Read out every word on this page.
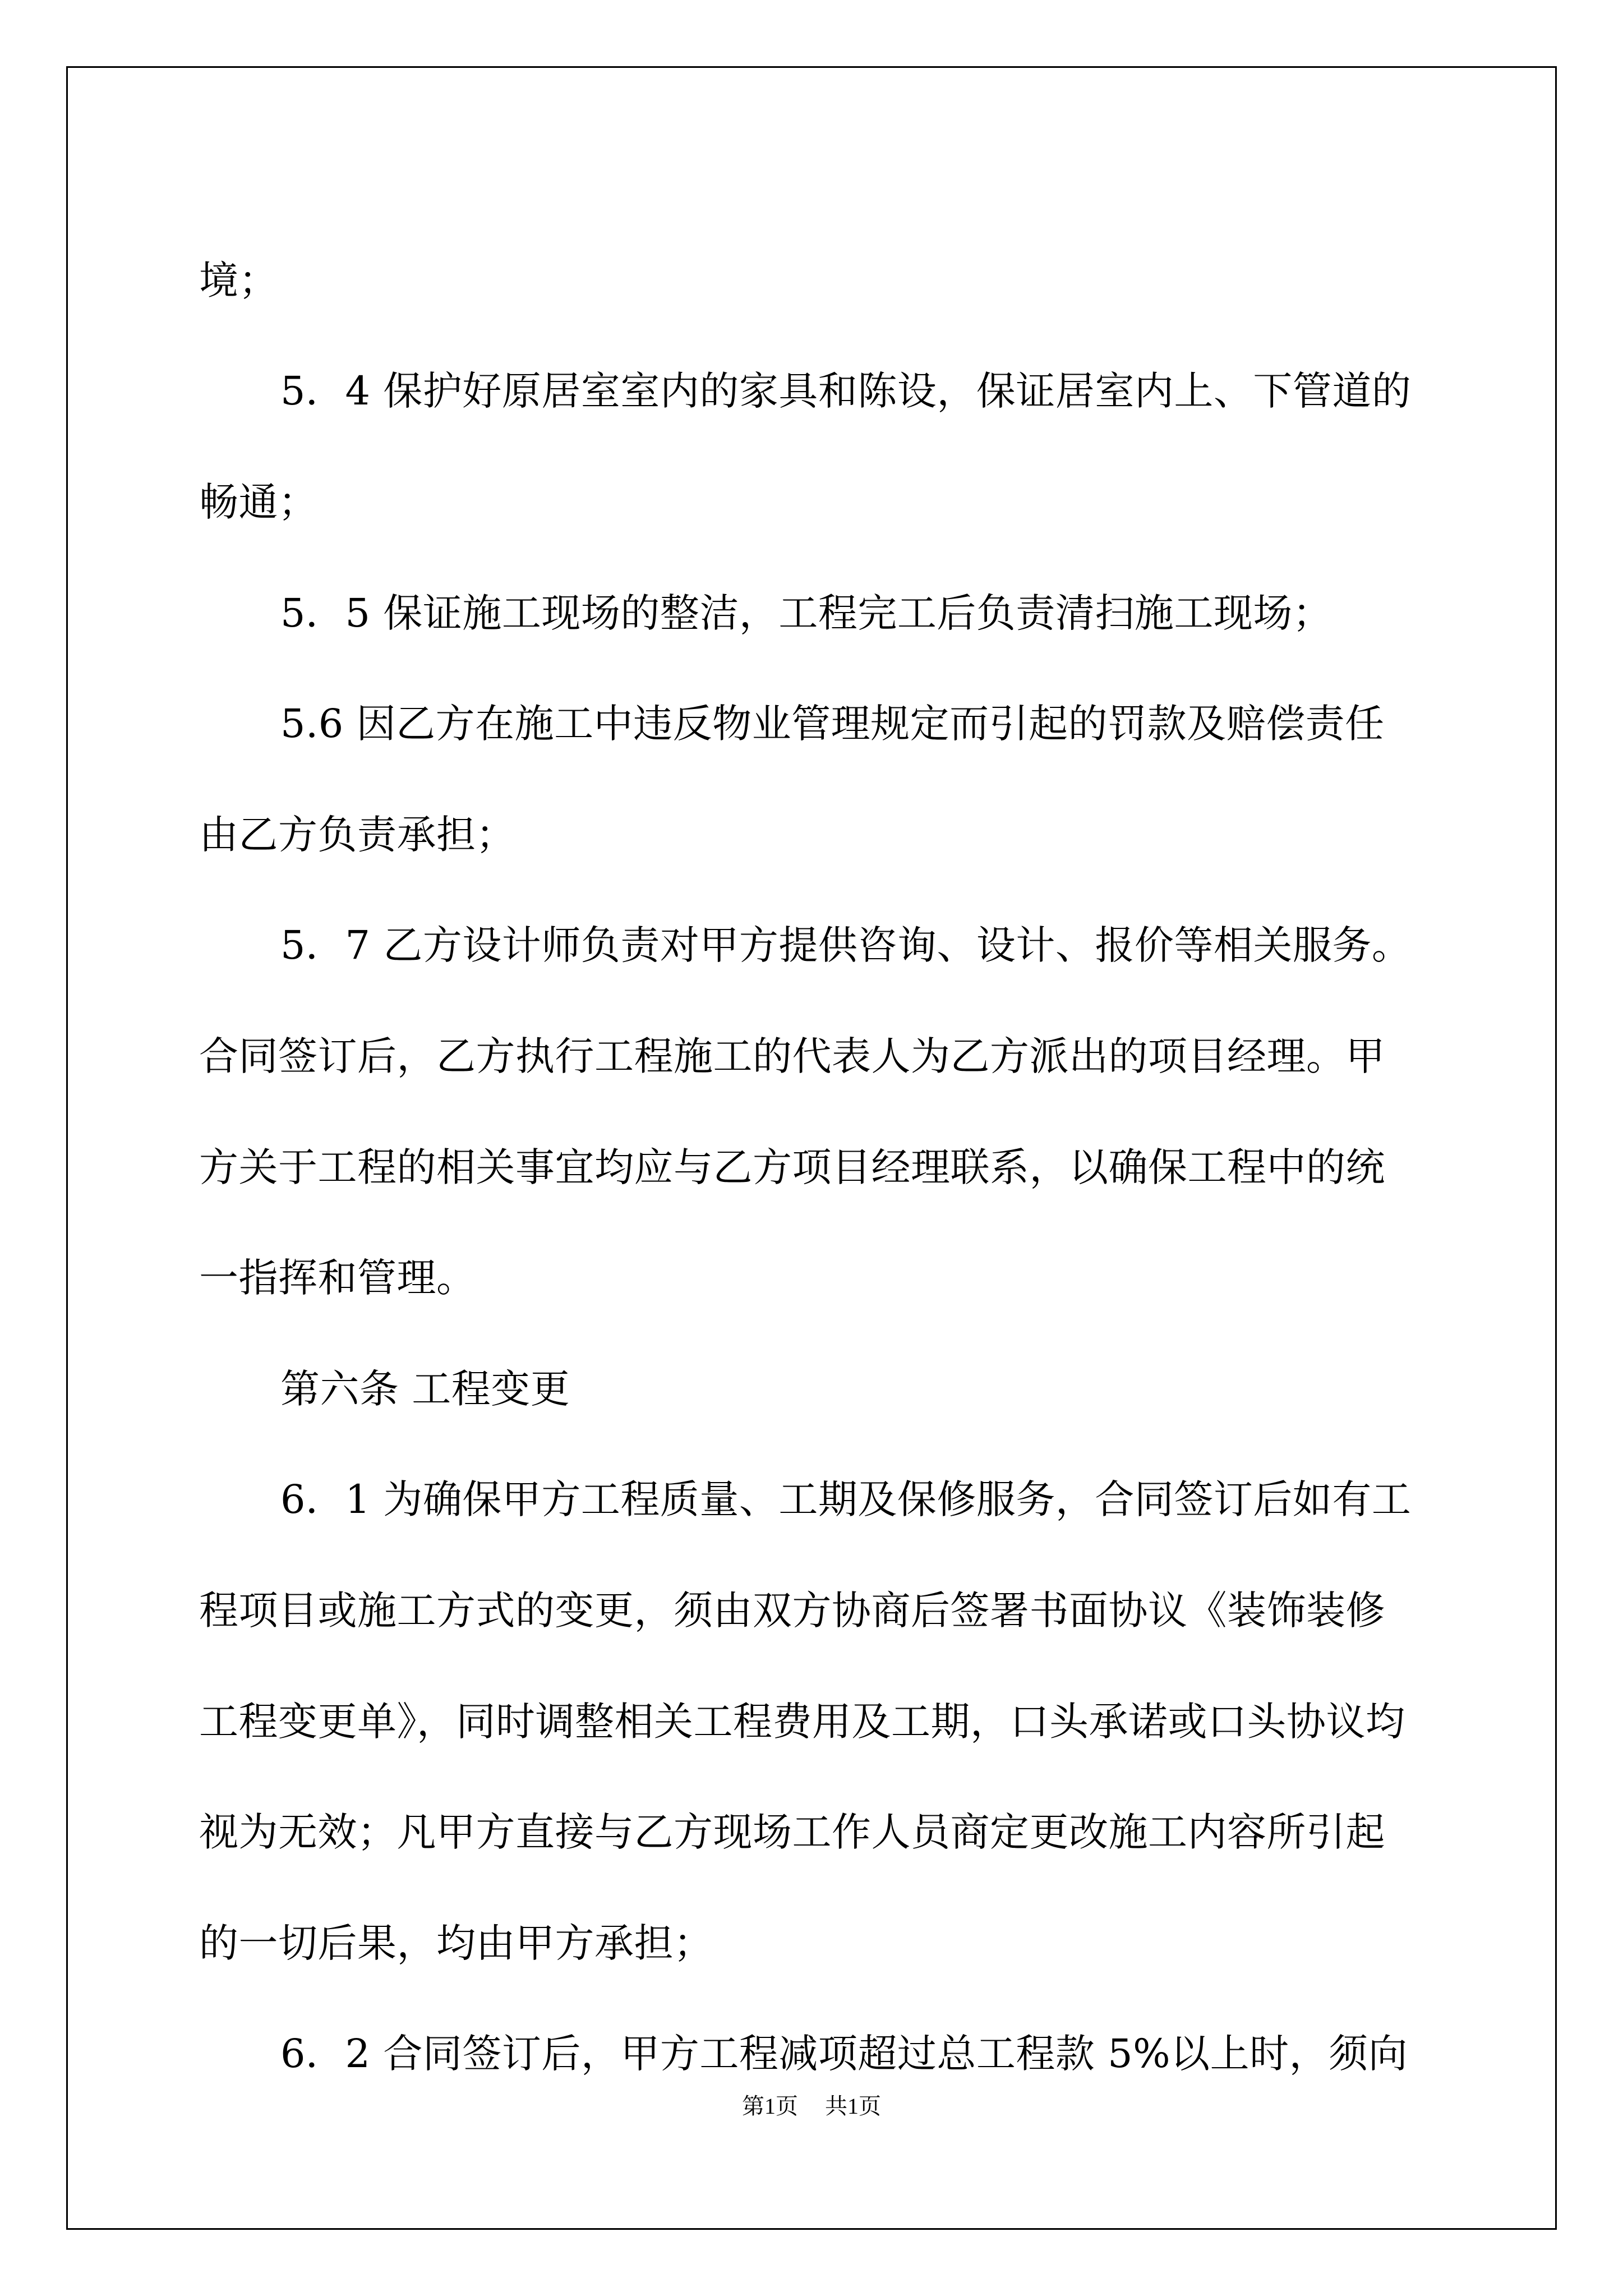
境；

5．4 保护好原居室室内的家具和陈设，保证居室内上、下管道的

畅通；

5．5 保证施工现场的整洁，工程完工后负责清扫施工现场；

5.6 因乙方在施工中违反物业管理规定而引起的罚款及赔偿责任

由乙方负责承担；

5．7 乙方设计师负责对甲方提供咨询、设计、报价等相关服务。

合同签订后，乙方执行工程施工的代表人为乙方派出的项目经理。甲

方关于工程的相关事宜均应与乙方项目经理联系，以确保工程中的统

一指挥和管理。

第六条 工程变更

6．1 为确保甲方工程质量、工期及保修服务，合同签订后如有工

程项目或施工方式的变更，须由双方协商后签署书面协议《装饰装修

工程变更单》，同时调整相关工程费用及工期，口头承诺或口头协议均

视为无效；凡甲方直接与乙方现场工作人员商定更改施工内容所引起

的一切后果，均由甲方承担；

6．2 合同签订后，甲方工程减项超过总工程款 5%以上时，须向

第1页 共1页
